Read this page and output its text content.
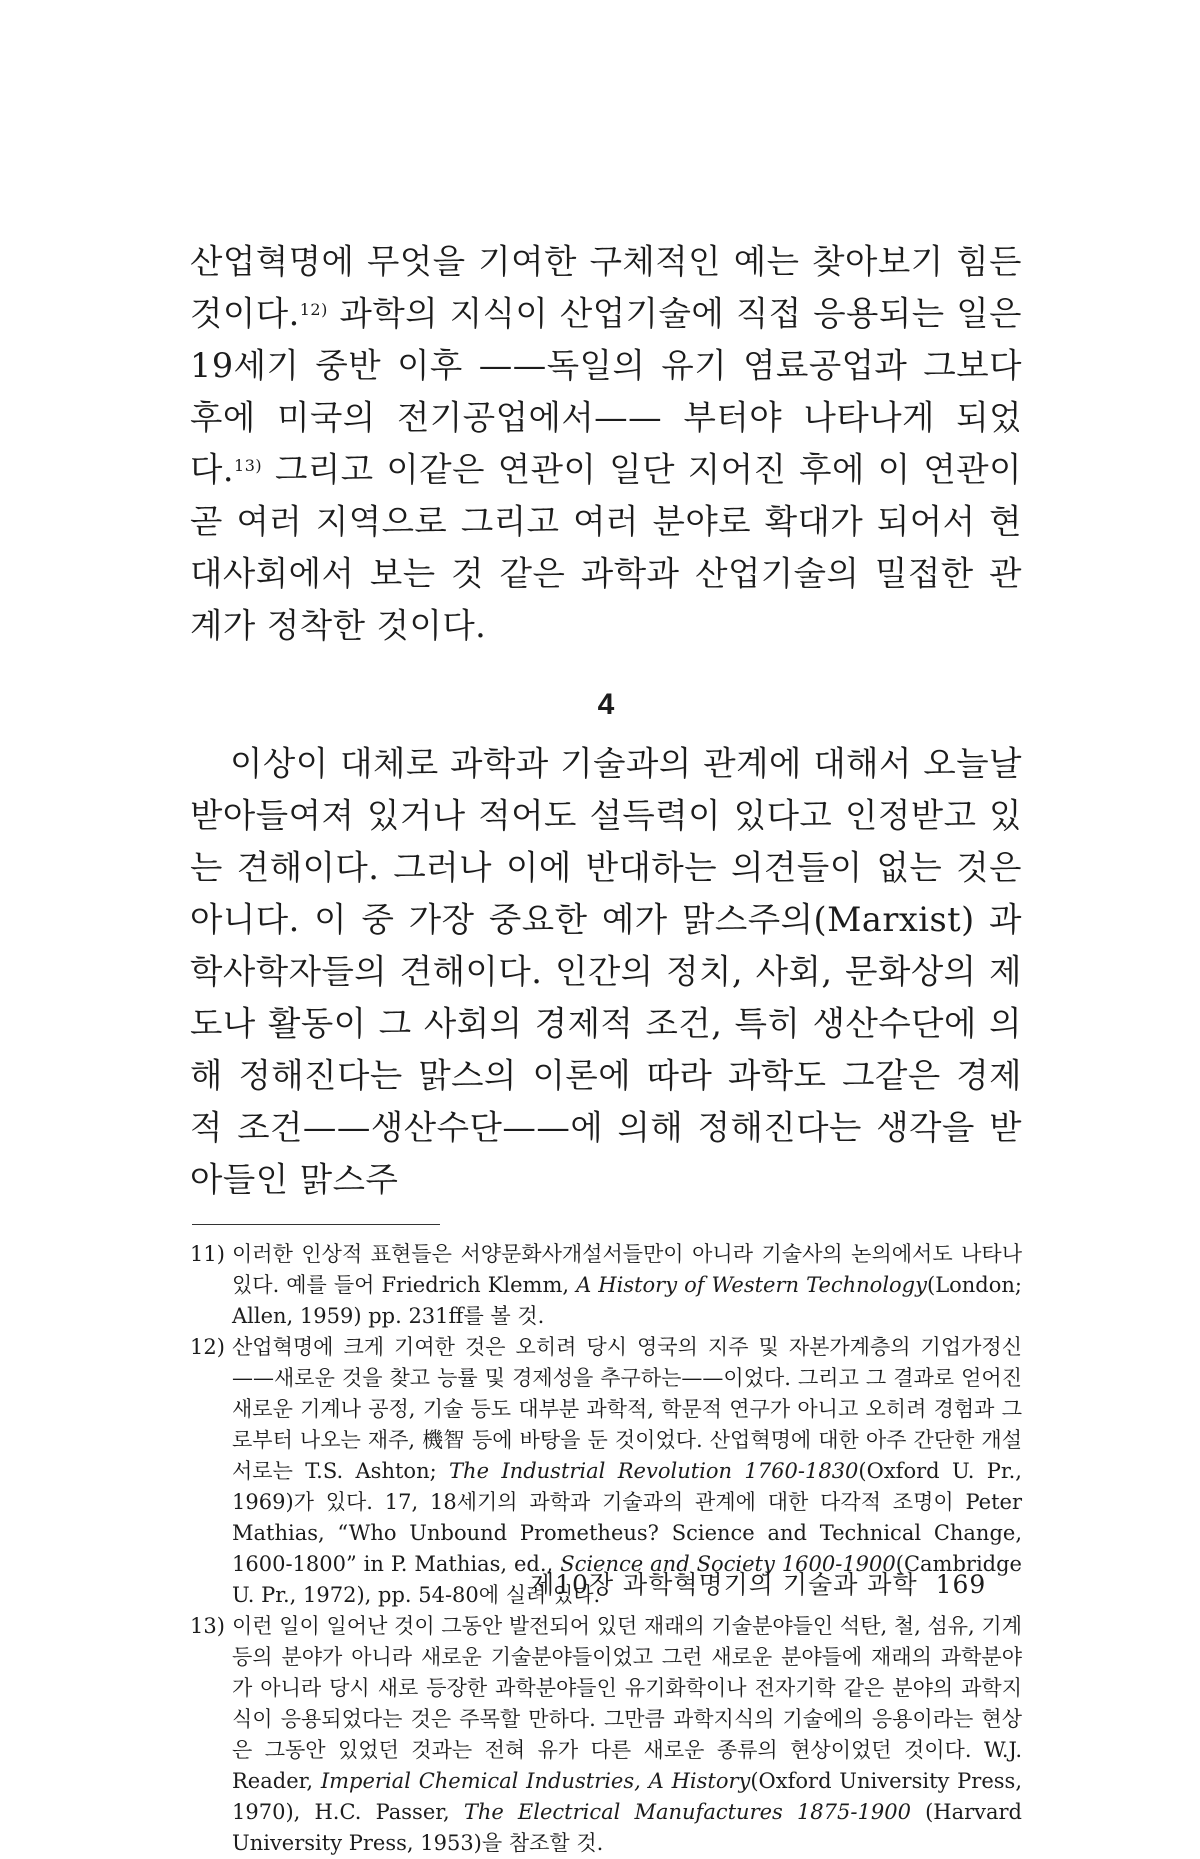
산업혁명에 무엇을 기여한 구체적인 예는 찾아보기 힘든 것이다.$^{12)}$ 과학의 지식이 산업기술에 직접 응용되는 일은 19세기 중반 이후 ——독일의 유기 염료공업과 그보다 후에 미국의 전기공업에서—— 부터야 나타나게 되었다.$^{13)}$ 그리고 이같은 연관이 일단 지어진 후에 이 연관이 곧 여러 지역으로 그리고 여러 분야로 확대가 되어서 현대사회에서 보는 것 같은 과학과 산업기술의 밀접한 관계가 정착한 것이다.

4

이상이 대체로 과학과 기술과의 관계에 대해서 오늘날 받아들여져 있거나 적어도 설득력이 있다고 인정받고 있는 견해이다. 그러나 이에 반대하는 의견들이 없는 것은 아니다. 이 중 가장 중요한 예가 맑스주의(Marxist) 과학사학자들의 견해이다. 인간의 정치, 사회, 문화상의 제도나 활동이 그 사회의 경제적 조건, 특히 생산수단에 의해 정해진다는 맑스의 이론에 따라 과학도 그같은 경제적 조건——생산수단——에 의해 정해진다는 생각을 받아들인 맑스주

11) 이러한 인상적 표현들은 서양문화사개설서들만이 아니라 기술사의 논의에서도 나타나 있다. 예를 들어 Friedrich Klemm, A History of Western Technology(London; Allen, 1959) pp. 231ff를 볼 것.

12) 산업혁명에 크게 기여한 것은 오히려 당시 영국의 지주 및 자본가계층의 기업가정신——새로운 것을 찾고 능률 및 경제성을 추구하는——이었다. 그리고 그 결과로 얻어진 새로운 기계나 공정, 기술 등도 대부분 과학적, 학문적 연구가 아니고 오히려 경험과 그로부터 나오는 재주, 機智 등에 바탕을 둔 것이었다. 산업혁명에 대한 아주 간단한 개설서로는 T.S. Ashton; The Industrial Revolution 1760-1830(Oxford U. Pr., 1969)가 있다. 17, 18세기의 과학과 기술과의 관계에 대한 다각적 조명이 Peter Mathias, “Who Unbound Prometheus? Science and Technical Change, 1600-1800” in P. Mathias, ed., Science and Society 1600-1900(Cambridge U. Pr., 1972), pp. 54-80에 실려 있다.

13) 이런 일이 일어난 것이 그동안 발전되어 있던 재래의 기술분야들인 석탄, 철, 섬유, 기계 등의 분야가 아니라 새로운 기술분야들이었고 그런 새로운 분야들에 재래의 과학분야가 아니라 당시 새로 등장한 과학분야들인 유기화학이나 전자기학 같은 분야의 과학지식이 응용되었다는 것은 주목할 만하다. 그만큼 과학지식의 기술에의 응용이라는 현상은 그동안 있었던 것과는 전혀 유가 다른 새로운 종류의 현상이었던 것이다. W.J. Reader, Imperial Chemical Industries, A History(Oxford University Press, 1970), H.C. Passer, The Electrical Manufactures 1875-1900 (Harvard University Press, 1953)을 참조할 것.

제10장 과학혁명기의 기술과 과학 169
